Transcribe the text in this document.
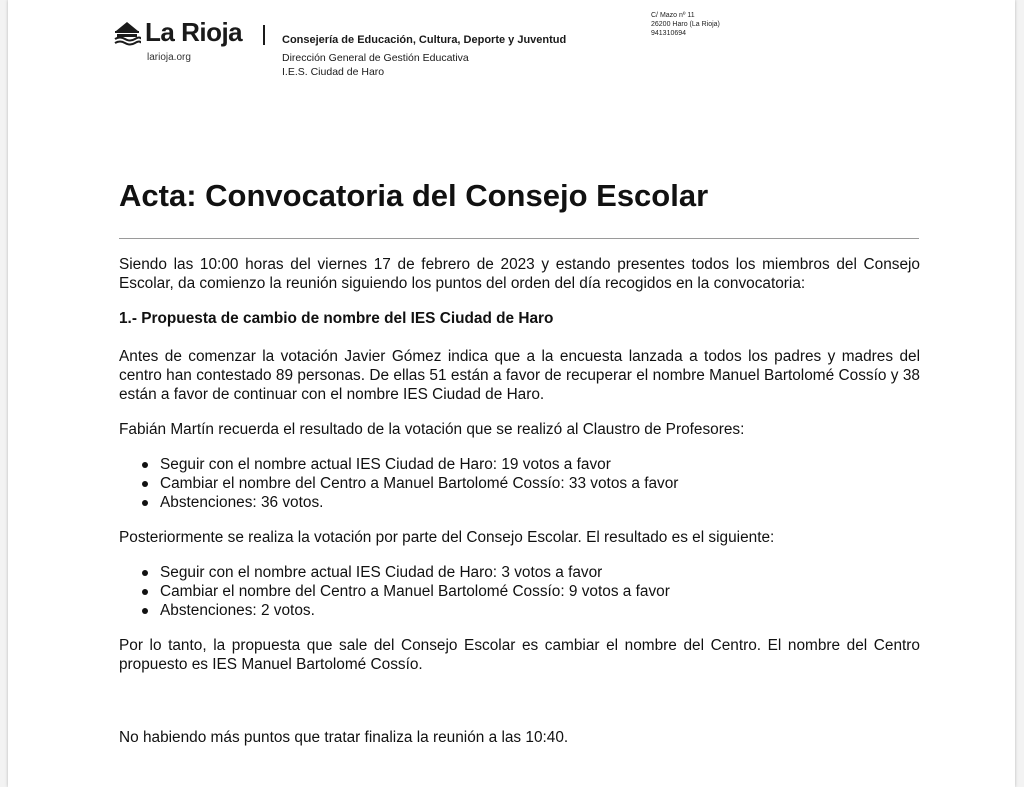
La Rioja
larioja.org
Consejería de Educación, Cultura, Deporte y Juventud
Dirección General de Gestión Educativa
I.E.S. Ciudad de Haro
C/ Mazo nº 11
26200 Haro (La Rioja)
941310694
Acta: Convocatoria del Consejo Escolar

Siendo las 10:00 horas del viernes 17 de febrero de 2023 y estando presentes todos los miembros del Consejo Escolar, da comienzo la reunión siguiendo los puntos del orden del día recogidos en la convocatoria:

1.- Propuesta de cambio de nombre del IES Ciudad de Haro

Antes de comenzar la votación Javier Gómez indica que a la encuesta lanzada a todos los padres y madres del centro han contestado 89 personas. De ellas 51 están a favor de recuperar el nombre Manuel Bartolomé Cossío y 38 están a favor de continuar con el nombre IES Ciudad de Haro.

Fabián Martín recuerda el resultado de la votación que se realizó al Claustro de Profesores:

Seguir con el nombre actual IES Ciudad de Haro: 19 votos a favor
Cambiar el nombre del Centro a Manuel Bartolomé Cossío: 33 votos a favor
Abstenciones: 36 votos.

Posteriormente se realiza la votación por parte del Consejo Escolar. El resultado es el siguiente:

Seguir con el nombre actual IES Ciudad de Haro: 3 votos a favor
Cambiar el nombre del Centro a Manuel Bartolomé Cossío: 9 votos a favor
Abstenciones: 2 votos.

Por lo tanto, la propuesta que sale del Consejo Escolar es cambiar el nombre del Centro. El nombre del Centro propuesto es IES Manuel Bartolomé Cossío.

No habiendo más puntos que tratar finaliza la reunión a las 10:40.
